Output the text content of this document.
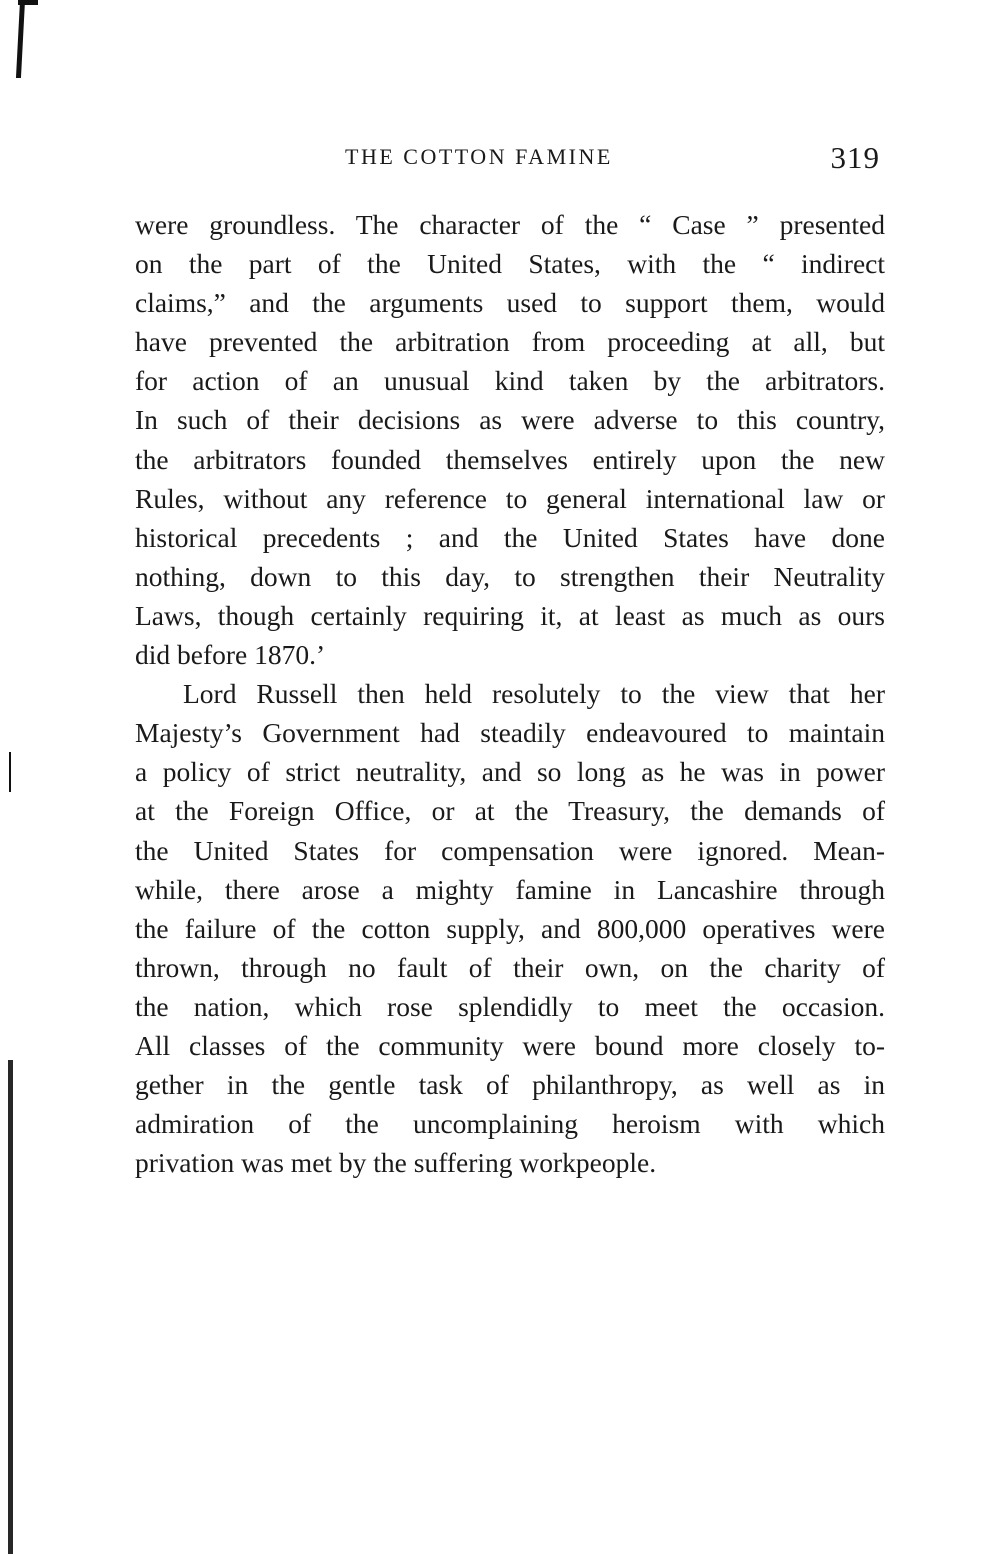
THE COTTON FAMINE	319
were groundless. The character of the “ Case ” presented
on the part of the United States, with the “ indirect
claims,” and the arguments used to support them, would
have prevented the arbitration from proceeding at all, but
for action of an unusual kind taken by the arbitrators.
In such of their decisions as were adverse to this country,
the arbitrators founded themselves entirely upon the new
Rules, without any reference to general international law or
historical precedents ; and the United States have done
nothing, down to this day, to strengthen their Neutrality
Laws, though certainly requiring it, at least as much as ours
did before 1870.’
Lord Russell then held resolutely to the view that her
Majesty’s Government had steadily endeavoured to maintain
a policy of strict neutrality, and so long as he was in power
at the Foreign Office, or at the Treasury, the demands of
the United States for compensation were ignored. Mean-
while, there arose a mighty famine in Lancashire through
the failure of the cotton supply, and 800,000 operatives were
thrown, through no fault of their own, on the charity of
the nation, which rose splendidly to meet the occasion.
All classes of the community were bound more closely to-
gether in the gentle task of philanthropy, as well as in
admiration of the uncomplaining heroism with which
privation was met by the suffering workpeople.
